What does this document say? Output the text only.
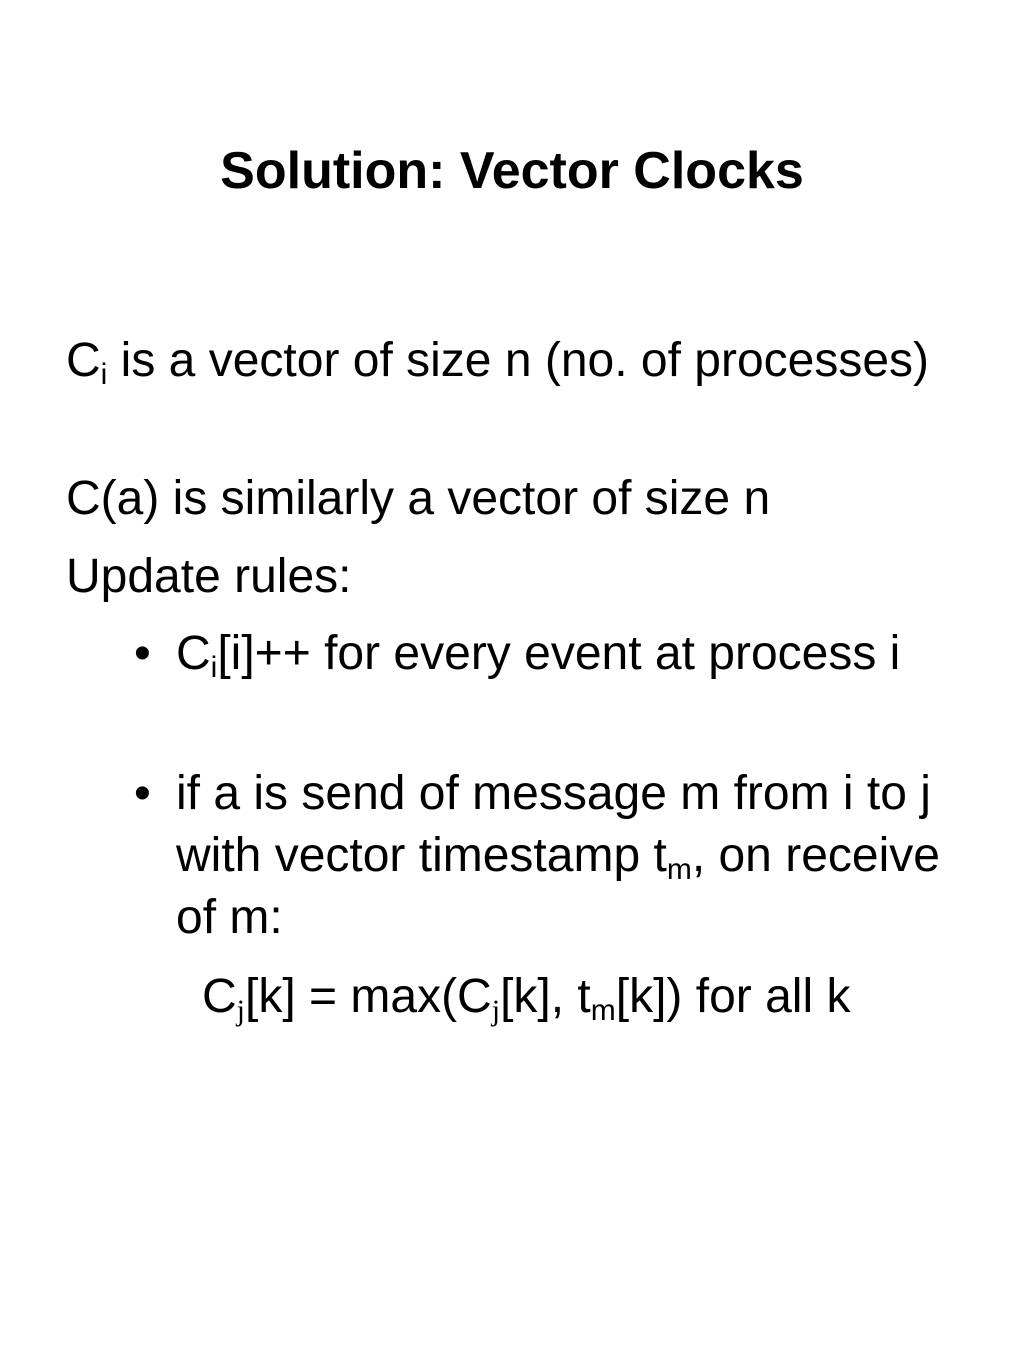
Solution: Vector Clocks
$C_i$ is a vector of size n (no. of processes)
C(a) is similarly a vector of size n
Update rules:
• $C_i[i]++$ for every event at process i
• if a is send of message m from i to j with vector timestamp $t_m$, on receive of m:
$C_j[k] = \max(C_j[k]$, $t_m[k]$) for all k
